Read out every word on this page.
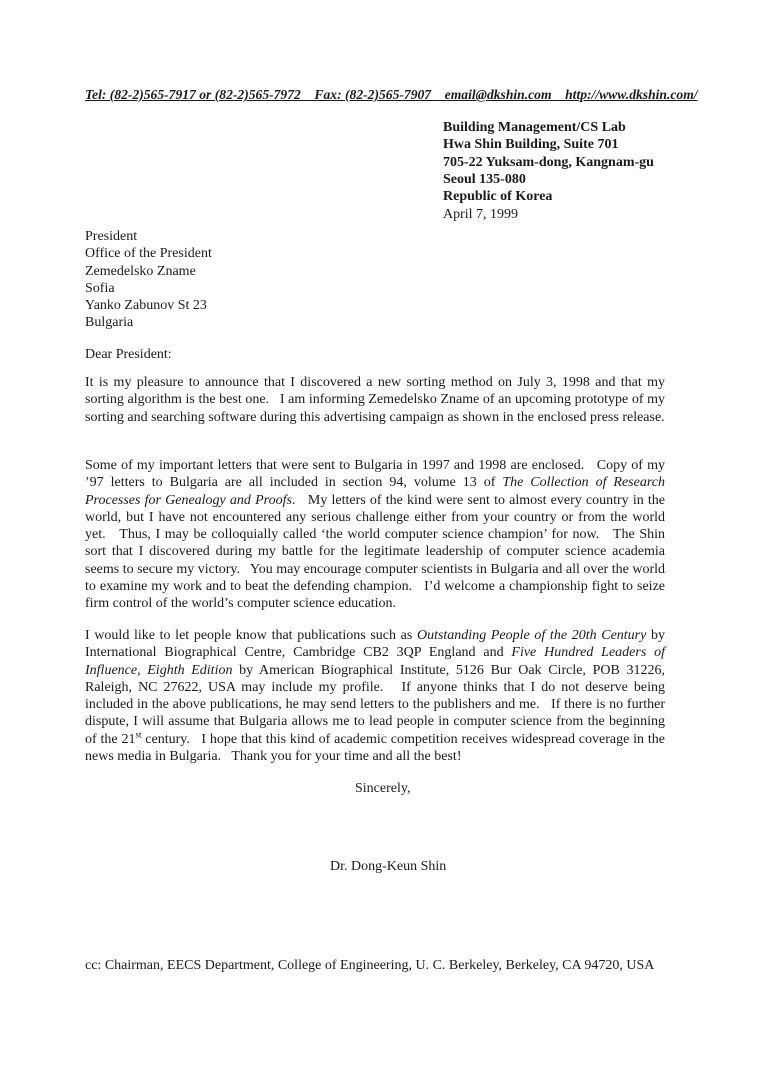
Tel: (82-2)565-7917 or (82-2)565-7972    Fax: (82-2)565-7907    email@dkshin.com    http://www.dkshin.com/
Building Management/CS Lab
Hwa Shin Building, Suite 701
705-22 Yuksam-dong, Kangnam-gu
Seoul 135-080
Republic of Korea
April 7, 1999
President
Office of the President
Zemedelsko Zname
Sofia
Yanko Zabunov St 23
Bulgaria
Dear President:
It is my pleasure to announce that I discovered a new sorting method on July 3, 1998 and that my sorting algorithm is the best one.   I am informing Zemedelsko Zname of an upcoming prototype of my sorting and searching software during this advertising campaign as shown in the enclosed press release.
Some of my important letters that were sent to Bulgaria in 1997 and 1998 are enclosed.   Copy of my ’97 letters to Bulgaria are all included in section 94, volume 13 of The Collection of Research Processes for Genealogy and Proofs.   My letters of the kind were sent to almost every country in the world, but I have not encountered any serious challenge either from your country or from the world yet.   Thus, I may be colloquially called ‘the world computer science champion’ for now.   The Shin sort that I discovered during my battle for the legitimate leadership of computer science academia seems to secure my victory.   You may encourage computer scientists in Bulgaria and all over the world to examine my work and to beat the defending champion.   I’d welcome a championship fight to seize firm control of the world’s computer science education.
I would like to let people know that publications such as Outstanding People of the 20th Century by International Biographical Centre, Cambridge CB2 3QP England and Five Hundred Leaders of Influence, Eighth Edition by American Biographical Institute, 5126 Bur Oak Circle, POB 31226, Raleigh, NC 27622, USA may include my profile.   If anyone thinks that I do not deserve being included in the above publications, he may send letters to the publishers and me.   If there is no further dispute, I will assume that Bulgaria allows me to lead people in computer science from the beginning of the 21st century.   I hope that this kind of academic competition receives widespread coverage in the news media in Bulgaria.   Thank you for your time and all the best!
Sincerely,
Dr. Dong-Keun Shin
cc: Chairman, EECS Department, College of Engineering, U. C. Berkeley, Berkeley, CA 94720, USA
